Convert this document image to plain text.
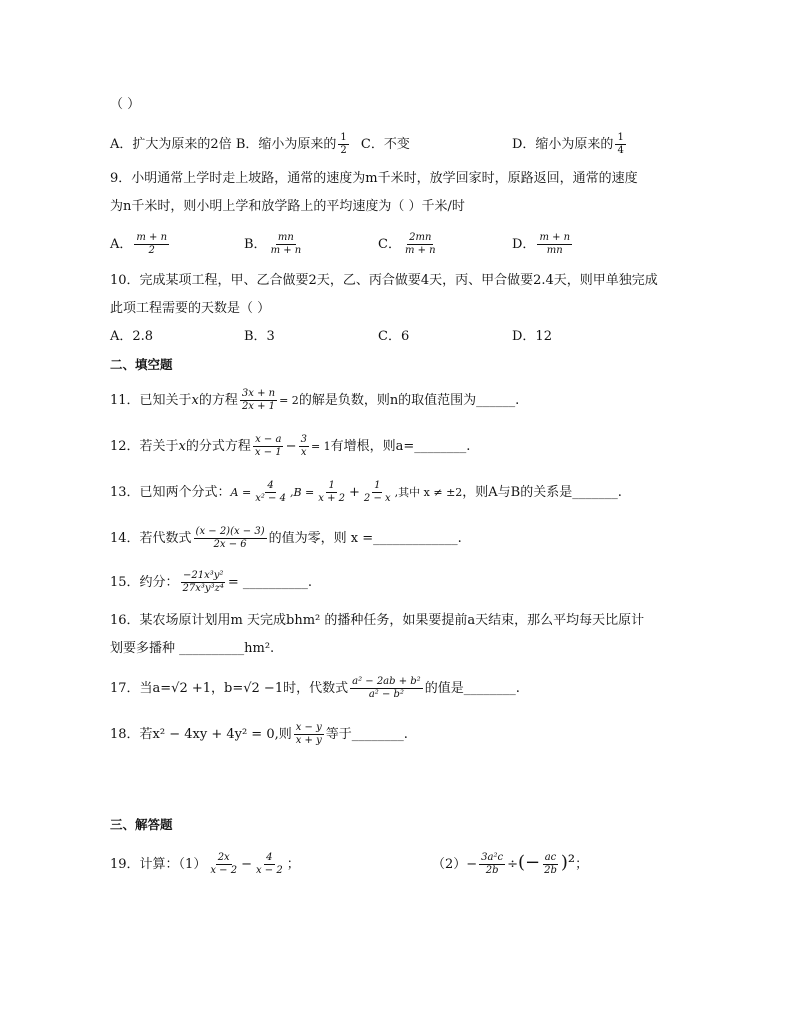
（ ）
A．扩大为原来的2倍 B．缩小为原来的 $\frac{1}{2}$ C．不变	D．缩小为原来的 $\frac{1}{4}$
9．小明通常上学时走上坡路，通常的速度为m千米时，放学回家时，原路返回，通常的速度
为n千米时，则小明上学和放学路上的平均速度为（ ）千米/时
A． $\frac{m + n}{2}$	B． $\frac{mn}{m + n}$	C． $\frac{2mn}{m + n}$	D． $\frac{m + n}{mn}$
10．完成某项工程，甲、乙合做要2天，乙、丙合做要4天，丙、甲合做要2.4天，则甲单独完成
此项工程需要的天数是（ ）
A．2.8	B．3	C．6	D．12
二、填空题
11．已知关于x的方程 $\frac{3x + n}{2x + 1} = 2$的解是负数，则n的取值范围为______.
12．若关于x的分式方程 $\frac{x - a}{x - 1} - \frac{3}{x} = 1$有增根，则a=________.
13．已知两个分式：$A = \frac{4}{\text{x² − 4}} ,B = \frac{1}{x + 2} + \frac{1}{2 - x}$ ,其中 x ≠ ±2，则A与B的关系是_______.
14．若代数式 $\frac{(x - 2)(x - 3)}{2x - 6}$ 的值为零，则 x =_____________.
15．约分： $\frac{\text{−21x³y²}}{\text{27x³y³z⁴}}$ = __________.
16．某农场原计划用m 天完成bhm² 的播种任务，如果要提前a天结束，那么平均每天比原计
划要多播种 __________hm².
17．当a=√2 +1，b=√2 −1时，代数式 $\frac{\text{a² − 2ab + b²}}{\text{a² − b²}}$ 的值是________.
18．若x² − 4xy + 4y² = 0,则 $\frac{x - y}{x + y}$ 等于________.
三、解答题
19．计算：$(1) \frac{2x}{x - 2} - \frac{4}{x - 2}$ ；	$(2)- \frac{\text{3a²c}}{2b}$ ÷(− $\frac{ac}{2b} )^2$；
